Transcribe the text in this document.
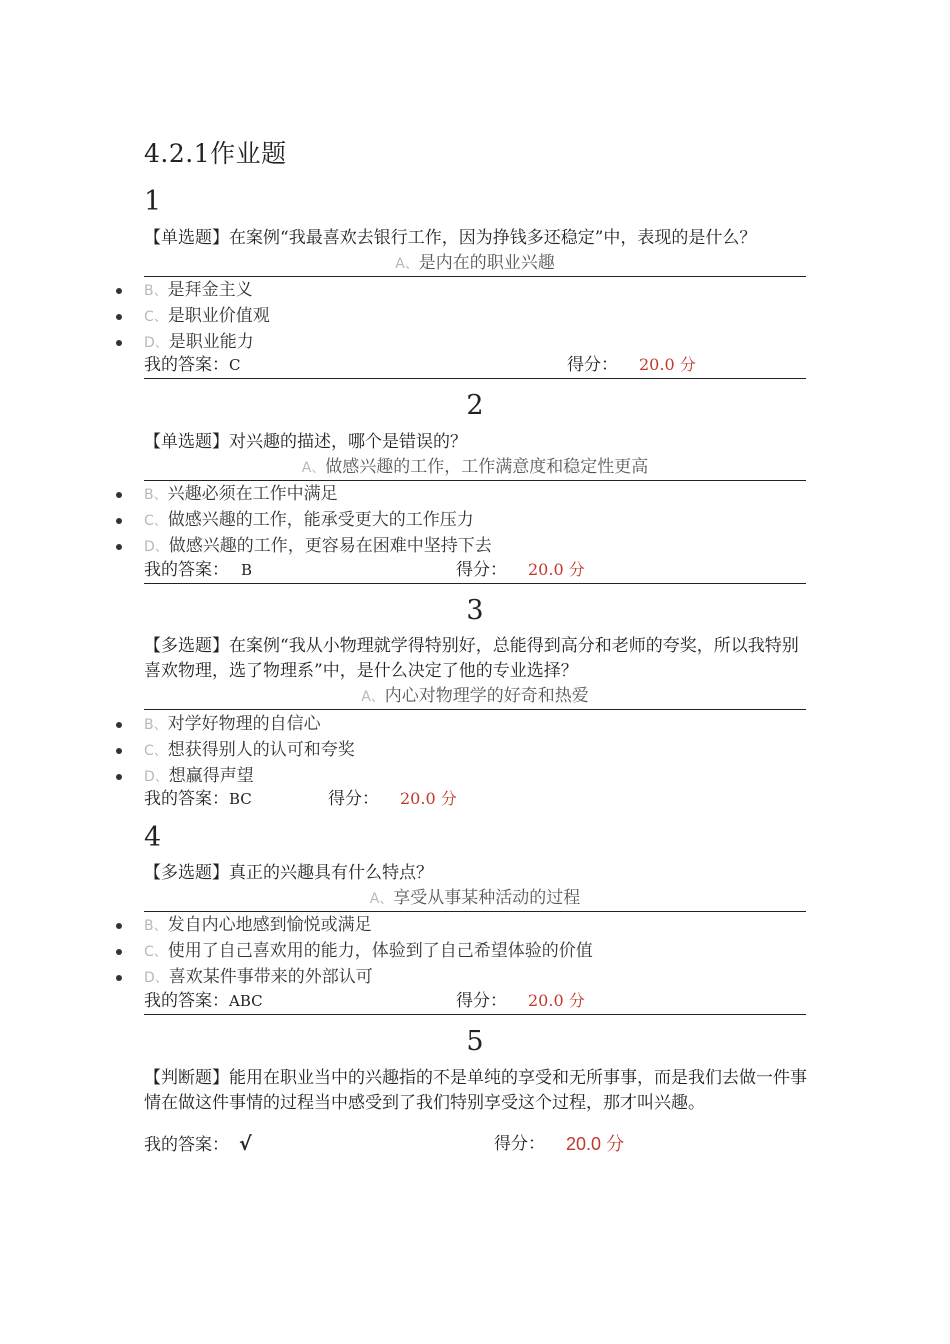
4.2.1作业题
1
【单选题】在案例“我最喜欢去银行工作，因为挣钱多还稳定”中，表现的是什么？
A、是内在的职业兴趣
B、是拜金主义
C、是职业价值观
D、是职业能力
我的答案：C	得分： 20.0 分
2
【单选题】对兴趣的描述，哪个是错误的？
A、做感兴趣的工作，工作满意度和稳定性更高
B、兴趣必须在工作中满足
C、做感兴趣的工作，能承受更大的工作压力
D、做感兴趣的工作，更容易在困难中坚持下去
我的答案： B	得分： 20.0 分
3
【多选题】在案例“我从小物理就学得特别好，总能得到高分和老师的夸奖，所以我特别喜欢物理，选了物理系”中，是什么决定了他的专业选择？
A、内心对物理学的好奇和热爱
B、对学好物理的自信心
C、想获得别人的认可和夸奖
D、想赢得声望
我的答案：BC	得分： 20.0 分
4
【多选题】真正的兴趣具有什么特点？
A、享受从事某种活动的过程
B、发自内心地感到愉悦或满足
C、使用了自己喜欢用的能力，体验到了自己希望体验的价值
D、喜欢某件事带来的外部认可
我的答案：ABC	得分： 20.0 分
5
【判断题】能用在职业当中的兴趣指的不是单纯的享受和无所事事，而是我们去做一件事情在做这件事情的过程当中感受到了我们特别享受这个过程，那才叫兴趣。
我的答案： √	得分： 20.0 分
